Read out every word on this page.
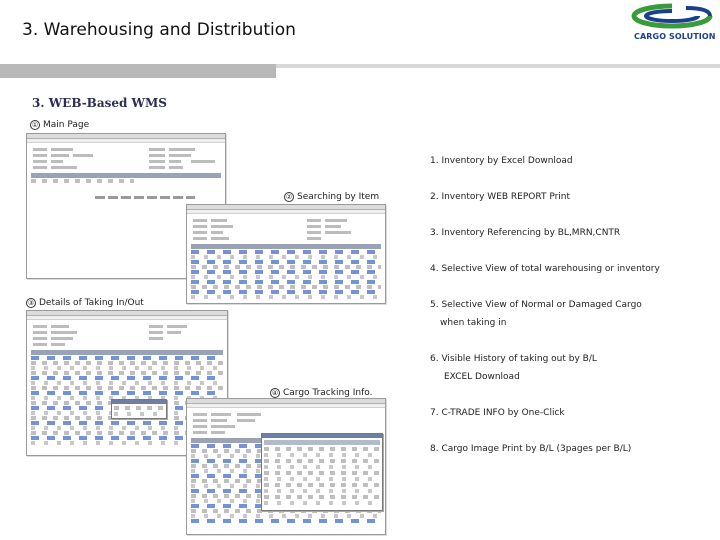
3. Warehousing and Distribution	CARGO SOLUTION
3. WEB-Based WMS
① Main Page
② Searching by Item
③ Details of Taking In/Out
④ Cargo Tracking Info.
1. Inventory by Excel Download
2. Inventory WEB REPORT Print
3. Inventory Referencing by BL,MRN,CNTR
4. Selective View of total warehousing or inventory
5. Selective View of Normal or Damaged Cargo
when taking in
6. Visible History of taking out by B/L
EXCEL Download
7. C-TRADE INFO by One-Click
8. Cargo Image Print by B/L (3pages per B/L)
